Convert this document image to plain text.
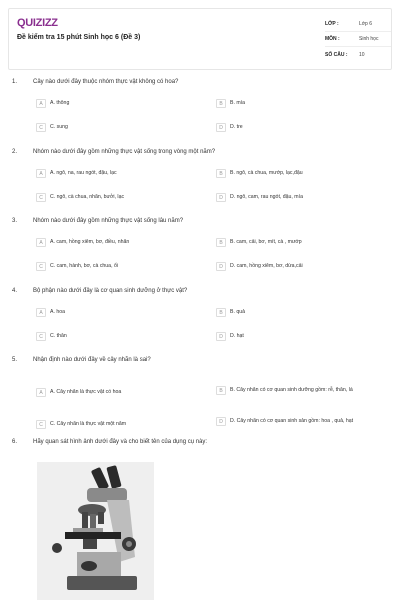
QUIZIZZ
Đề kiểm tra 15 phút Sinh học 6 (Đề 3)
LỚP :	Lớp 6
MÔN :	Sinh học
SỐ CÂU :	10
1.	Cây nào dưới đây thuộc nhóm thực vật không có hoa?
A	A. thông	B	B. mía
C	C. sung	D	D. tre
2.	Nhóm nào dưới đây gồm những thực vật sống trong vòng một năm?
A	A. ngô, na, rau ngót, đậu, lạc	B	B. ngô, cà chua, mướp, lạc,đậu
C	C. ngô, cà chua, nhãn, bưởi, lạc	D	D. ngô, cam, rau ngót, đậu, mía
3.	Nhóm nào dưới đây gồm những thực vật sống lâu năm?
A	A. cam, hồng xiêm, bơ, điều, nhãn	B	B. cam, cải, bơ, mít, cà , mướp
C	C. cam, hành, bơ, cà chua, ổi	D	D. cam, hồng xiêm, bơ, dừa,cải
4.	Bộ phận nào dưới đây là cơ quan sinh dưỡng ở thực vật?
A	A. hoa	B	B. quả
C	C. thân	D	D. hạt
5.	Nhận định nào dưới đây về cây nhãn là sai?
A	A. Cây nhãn là thực vật có hoa	B	B. Cây nhãn có cơ quan sinh dưỡng gồm: rễ, thân, lá
C	C. Cây nhãn là thực vật một năm	D	D. Cây nhãn có cơ quan sinh sản gồm: hoa , quả, hạt
6.	Hãy quan sát hình ảnh dưới đây và cho biết tên của dụng cụ này:
